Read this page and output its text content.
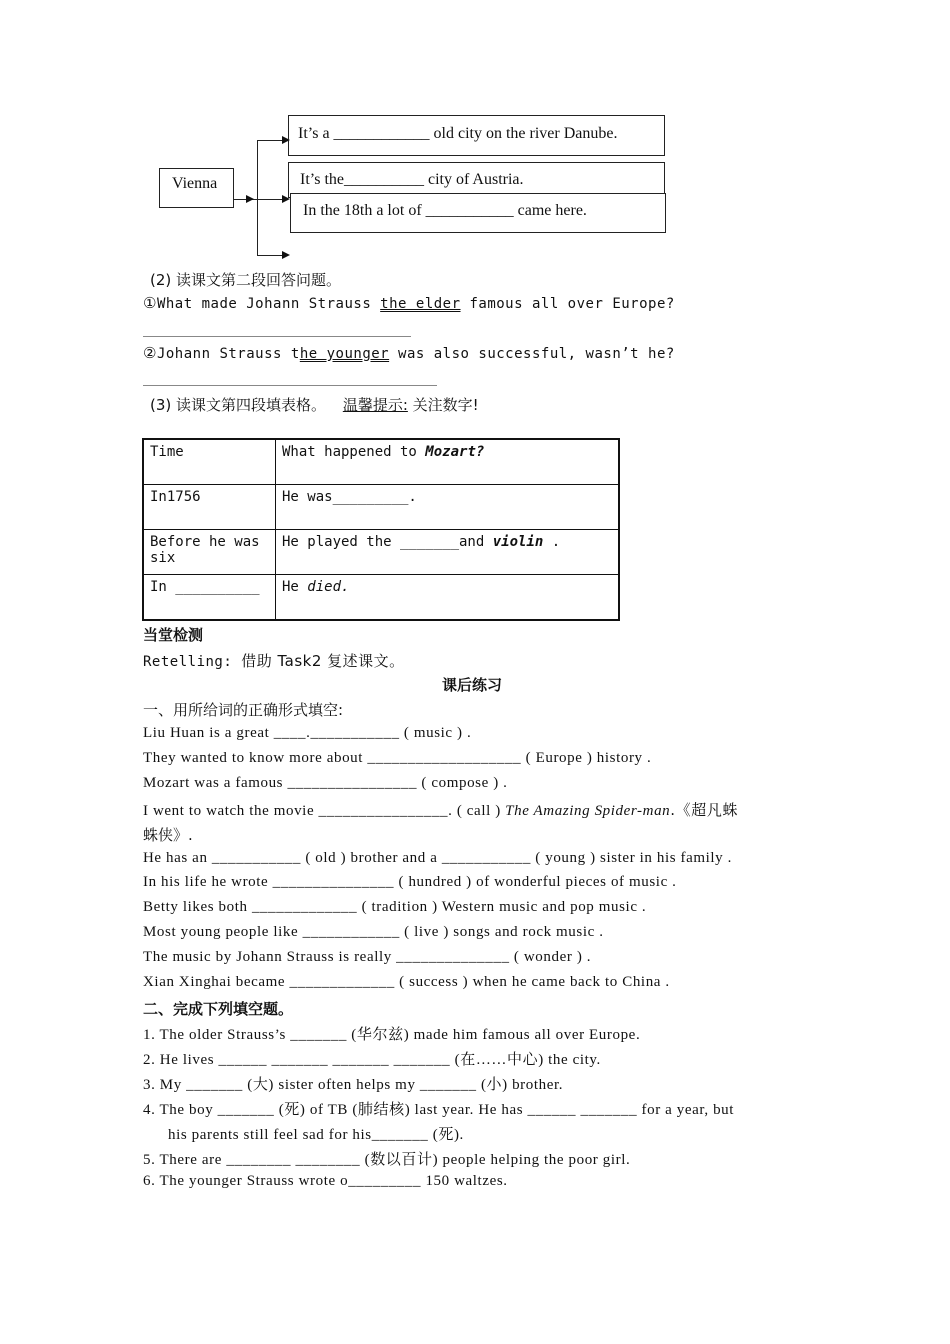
Vienna
It’s a ____________ old city on the river Danube.
It’s the__________ city of Austria.
In the 18th a lot of ___________ came here.
(2) 读课文第二段回答问题。
①What made Johann Strauss the elder famous all over Europe?
②Johann Strauss the younger was also successful, wasn’t he?
(3) 读课文第四段填表格。 温馨提示: 关注数字!
Time	What happened to Mozart?
In1756	He was_________.
Before he was six	He played the _______and violin .
In __________	He died.
当堂检测
Retelling: 借助 Task2 复述课文。
课后练习
一、用所给词的正确形式填空:
Liu Huan is a great ____.___________ ( music ) .
They wanted to know more about ___________________ ( Europe ) history .
Mozart was a famous ________________ ( compose ) .
I went to watch the movie ________________. ( call ) The Amazing Spider-man.《超凡蛛
蛛侠》.
He has an ___________ ( old ) brother and a ___________ ( young ) sister in his family .
In his life he wrote _______________ ( hundred ) of wonderful pieces of music .
Betty likes both _____________ ( tradition ) Western music and pop music .
Most young people like ____________ ( live ) songs and rock music .
The music by Johann Strauss is really ______________ ( wonder ) .
Xian Xinghai became _____________ ( success ) when he came back to China .
二、完成下列填空题。
1. The older Strauss’s _______ (华尔兹) made him famous all over Europe.
2. He lives ______ _______ _______ _______ (在……中心) the city.
3. My _______ (大) sister often helps my _______ (小) brother.
4. The boy _______ (死) of TB (肺结核) last year. He has ______ _______ for a year, but
his parents still feel sad for his_______ (死).
5. There are ________ ________ (数以百计) people helping the poor girl.
6. The younger Strauss wrote o_________ 150 waltzes.
